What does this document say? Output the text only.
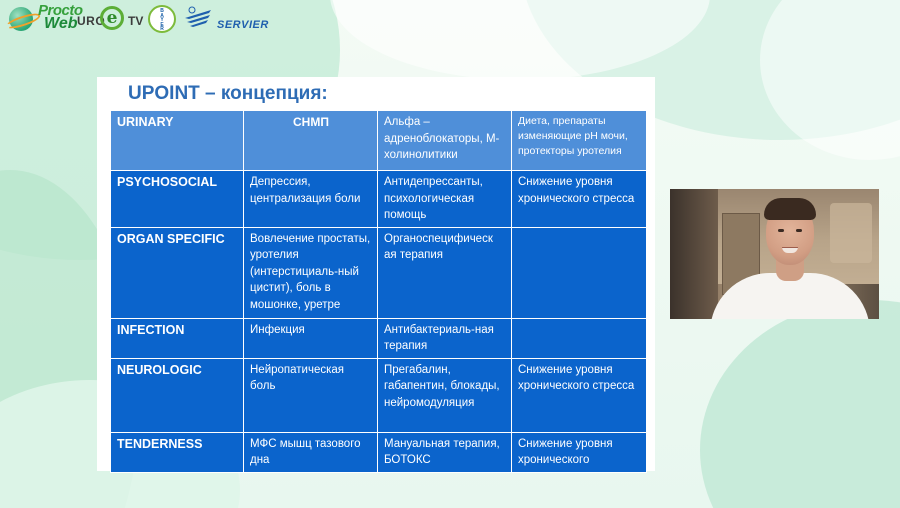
Procto
Web URO e TV
B
A
Y
E
R	SERVIER
UPOINT – концепция:
URINARY	СНМП	Альфа – адреноблокаторы, М-холинолитики	Диета, препараты изменяющие pH мочи, протекторы уротелия
PSYCHOSOCIAL	Депрессия, централизация боли	Антидепрессанты, психологическая помощь	Снижение уровня хронического стресса
ORGAN SPECIFIC	Вовлечение простаты, уротелия (интерстициаль-ный цистит), боль в мошонке, уретре	Органоспецифическ ая терапия	
INFECTION	Инфекция	Антибактериаль-ная терапия	
NEUROLOGIC	Нейропатическая боль	Прегабалин, габапентин, блокады, нейромодуляция	Снижение уровня хронического стресса
TENDERNESS	МФС мышц тазового дна	Мануальная терапия, БОТОКС	Снижение уровня хронического
